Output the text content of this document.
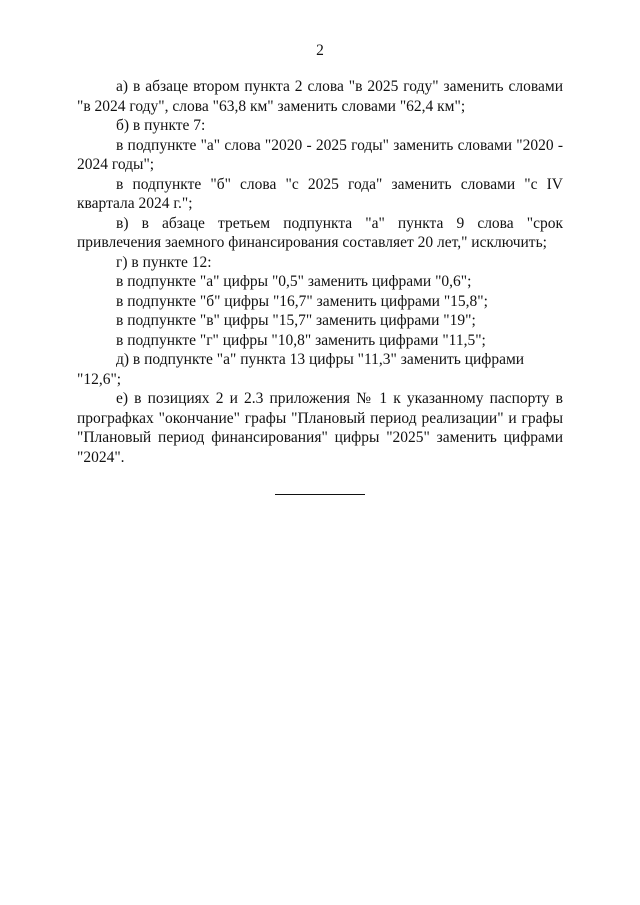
2

а) в абзаце втором пункта 2 слова "в 2025 году" заменить словами "в 2024 году", слова "63,8 км" заменить словами "62,4 км";

б) в пункте 7:

в подпункте "а" слова "2020 - 2025 годы" заменить словами "2020 - 2024 годы";

в подпункте "б" слова "с 2025 года" заменить словами "с IV квартала 2024 г.";

в) в абзаце третьем подпункта "а" пункта 9 слова "срок привлечения заемного финансирования составляет 20 лет," исключить;

г) в пункте 12:

в подпункте "а" цифры "0,5" заменить цифрами "0,6";

в подпункте "б" цифры "16,7" заменить цифрами "15,8";

в подпункте "в" цифры "15,7" заменить цифрами "19";

в подпункте "г" цифры "10,8" заменить цифрами "11,5";

д) в подпункте "а" пункта 13 цифры "11,3" заменить цифрами "12,6";

е) в позициях 2 и 2.3 приложения № 1 к указанному паспорту в прографках "окончание" графы "Плановый период реализации" и графы "Плановый период финансирования" цифры "2025" заменить цифрами "2024".
